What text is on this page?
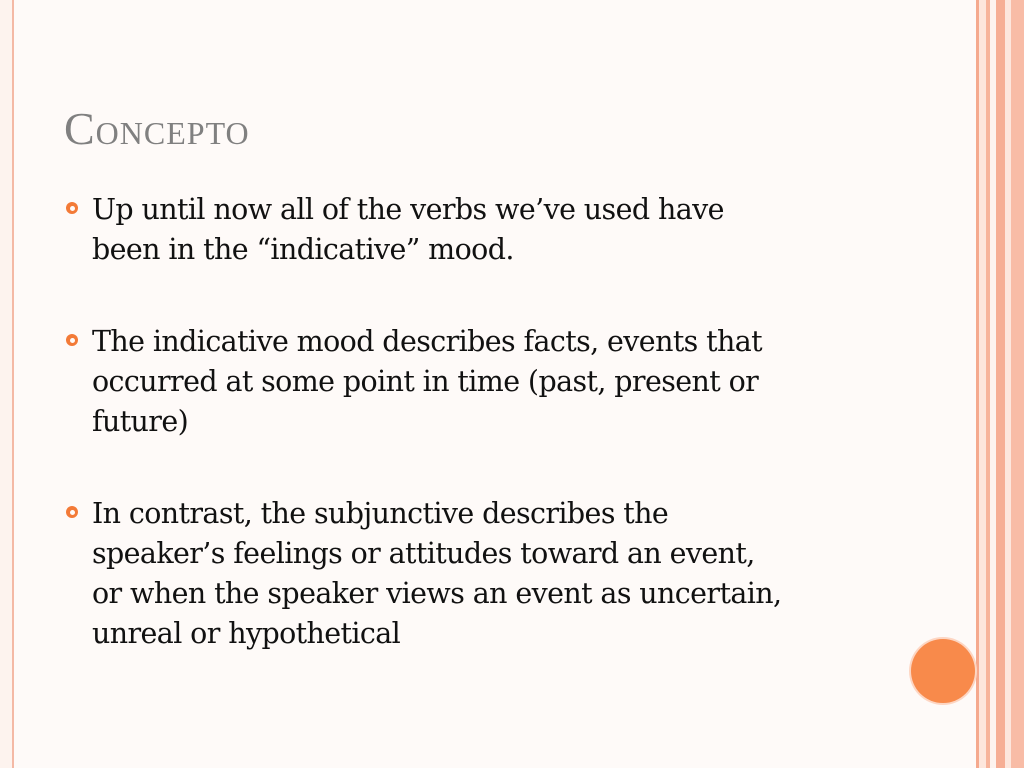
Concepto
Up until now all of the verbs we’ve used have
been in the “indicative” mood.
The indicative mood describes facts, events that
occurred at some point in time (past, present or
future)
In contrast, the subjunctive describes the
speaker’s feelings or attitudes toward an event,
or when the speaker views an event as uncertain,
unreal or hypothetical
